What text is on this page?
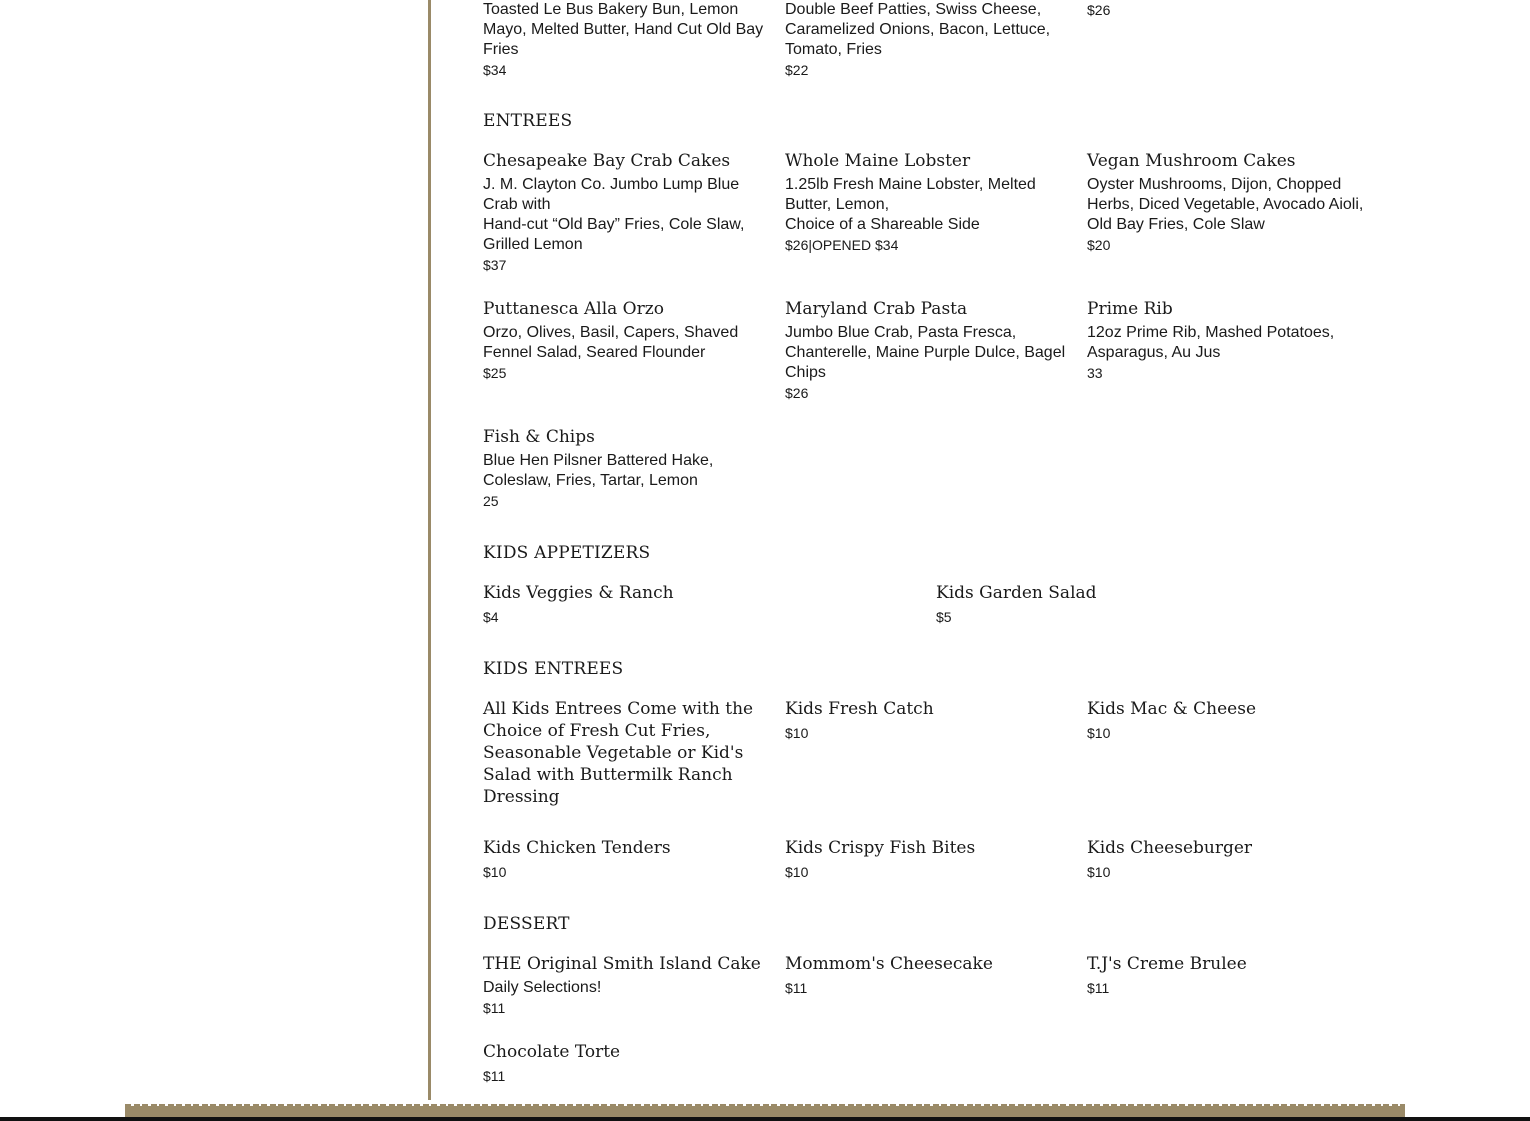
Toasted Le Bus Bakery Bun, Lemon Mayo, Melted Butter, Hand Cut Old Bay Fries
$34
Double Beef Patties, Swiss Cheese, Caramelized Onions, Bacon, Lettuce, Tomato, Fries
$22
$26
ENTREES
Chesapeake Bay Crab Cakes
J. M. Clayton Co. Jumbo Lump Blue Crab with
Hand-cut “Old Bay” Fries, Cole Slaw, Grilled Lemon
$37
Whole Maine Lobster
1.25lb Fresh Maine Lobster, Melted Butter, Lemon,
Choice of a Shareable Side
$26|OPENED $34
Vegan Mushroom Cakes
Oyster Mushrooms, Dijon, Chopped Herbs, Diced Vegetable, Avocado Aioli, Old Bay Fries, Cole Slaw
$20
Puttanesca Alla Orzo
Orzo, Olives, Basil, Capers, Shaved Fennel Salad, Seared Flounder
$25
Maryland Crab Pasta
Jumbo Blue Crab, Pasta Fresca, Chanterelle, Maine Purple Dulce, Bagel Chips
$26
Prime Rib
12oz Prime Rib, Mashed Potatoes, Asparagus, Au Jus
33
Fish & Chips
Blue Hen Pilsner Battered Hake, Coleslaw, Fries, Tartar, Lemon
25
KIDS APPETIZERS
Kids Veggies & Ranch
$4
Kids Garden Salad
$5
KIDS ENTREES
All Kids Entrees Come with the Choice of Fresh Cut Fries, Seasonable Vegetable or Kid's Salad with Buttermilk Ranch Dressing
Kids Fresh Catch
$10
Kids Mac & Cheese
$10
Kids Chicken Tenders
$10
Kids Crispy Fish Bites
$10
Kids Cheeseburger
$10
DESSERT
THE Original Smith Island Cake
Daily Selections!
$11
Mommom's Cheesecake
$11
T.J's Creme Brulee
$11
Chocolate Torte
$11
